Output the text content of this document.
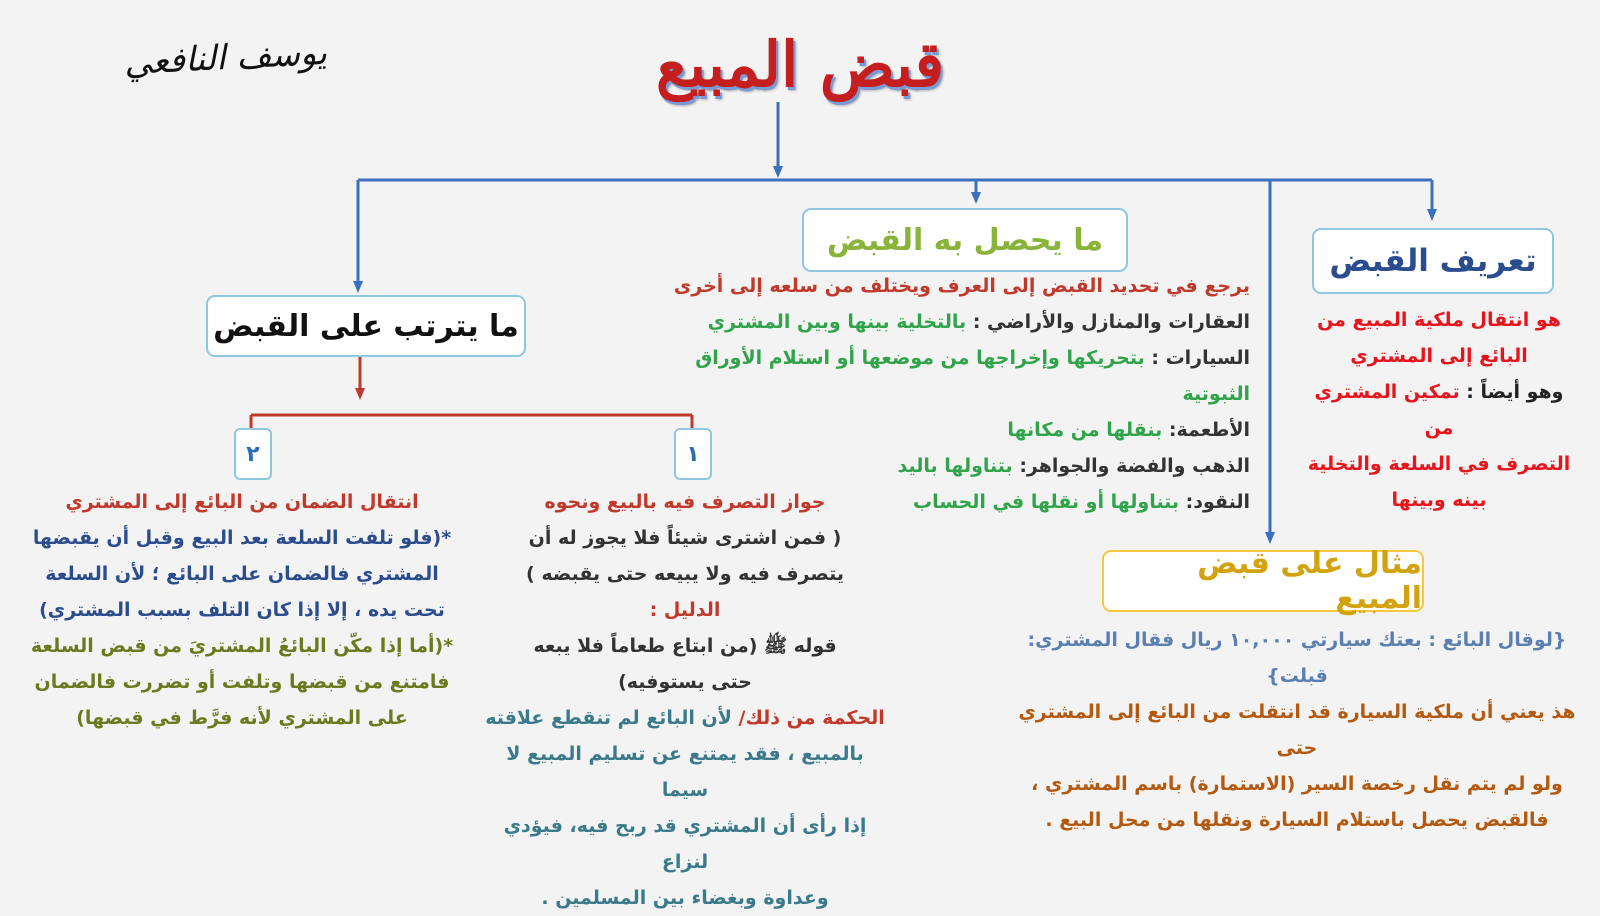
قبض المبيع
يوسف النافعي
تعريف القبض
هو انتقال ملكية المبيع من
البائع إلى المشتري
وهو أيضاً : تمكين المشتري من
التصرف في السلعة والتخلية
بينه وبينها
ما يحصل به القبض
يرجع في تحديد القبض إلى العرف ويختلف من سلعه إلى أخرى
العقارات والمنازل والأراضي : بالتخلية بينها وبين المشتري
السيارات : بتحريكها وإخراجها من موضعها أو استلام الأوراق الثبوتية
الأطعمة: بنقلها من مكانها
الذهب والفضة والجواهر: بتناولها باليد
النقود: بتناولها أو نقلها في الحساب
مثال على قبض المبيع
{لوقال البائع : بعتك سيارتي ١٠,٠٠٠ ريال فقال المشتري: قبلت}
هذ يعني أن ملكية السيارة قد انتقلت من البائع إلى المشتري حتى
ولو لم يتم نقل رخصة السير (الاستمارة) باسم المشتري ،
فالقبض يحصل باستلام السيارة ونقلها من محل البيع .
ما يترتب على القبض
١
٢
جواز التصرف فيه بالبيع ونحوه
( فمن اشترى شيئاً فلا يجوز له أن
يتصرف فيه ولا يبيعه حتى يقبضه )
الدليل :
قوله ﷺ (من ابتاع طعاماً فلا يبعه
حتى يستوفيه)
الحكمة من ذلك/ لأن البائع لم تنقطع علاقته
بالمبيع ، فقد يمتنع عن تسليم المبيع لا سيما
إذا رأى أن المشتري قد ربح فيه، فيؤدي لنزاع
وعداوة وبغضاء بين المسلمين .
انتقال الضمان من البائع إلى المشتري
*(فلو تلفت السلعة بعد البيع وقبل أن يقبضها
المشتري فالضمان على البائع ؛ لأن السلعة
تحت يده ، إلا إذا كان التلف بسبب المشتري)
*(أما إذا مكّن البائعُ المشتريَ من قبض السلعة
فامتنع من قبضها وتلفت أو تضررت فالضمان
على المشتري لأنه فرَّط في قبضها)
